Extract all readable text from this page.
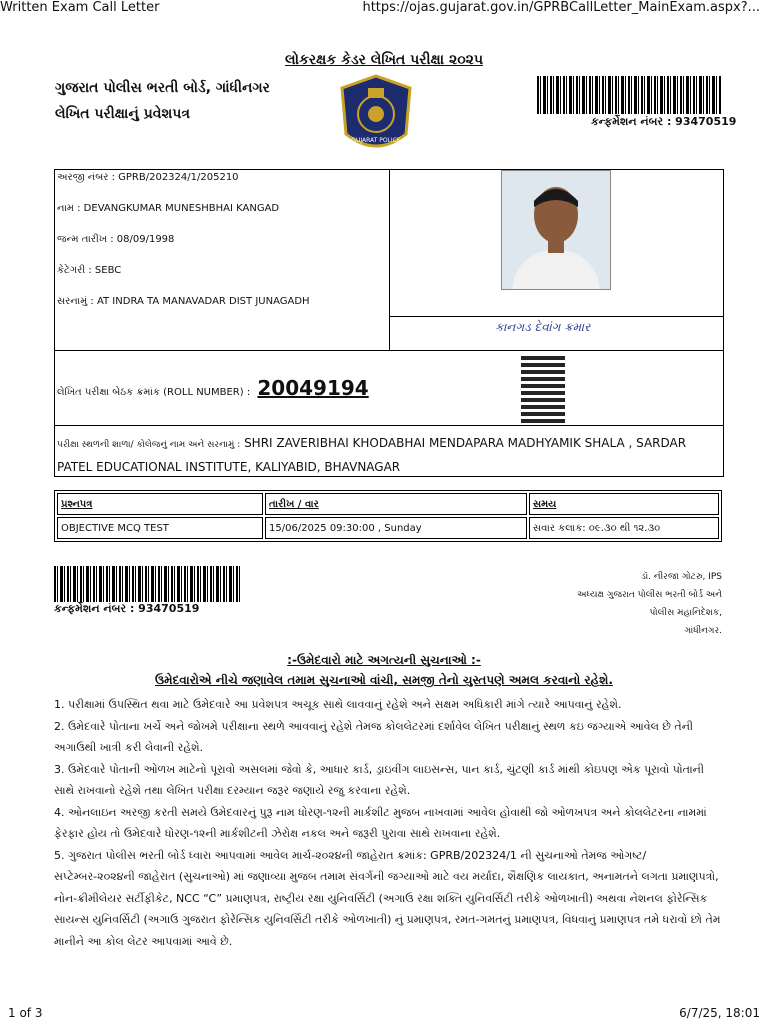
Written Exam Call Letter	https://ojas.gujarat.gov.in/GPRBCallLetter_MainExam.aspx?...
લોકરક્ષક કેડર લેખિત પરીક્ષા ૨૦૨૫
ગુજરાત પોલીસ ભરતી બોર્ડ, ગાંધીનગર
લેખિત પરીક્ષાનું પ્રવેશપત્ર
GUJARAT POLICE
કન્ફર્મેશન નંબર : 93470519
અરજી નંબર : GPRB/202324/1/205210
નામ : DEVANGKUMAR MUNESHBHAI KANGAD
જન્મ તારીખ : 08/09/1998
કેટેગરી : SEBC
સરનામું : AT INDRA TA MANAVADAR DIST JUNAGADH
કાનગડ દેવાંગ ક્રમાર
લેખિત પરીક્ષા બેઠક ક્રમાંક (ROLL NUMBER) : 20049194
પરીક્ષા સ્થળની શાળા/ કોલેજનું નામ અને સરનામું : SHRI ZAVERIBHAI KHODABHAI MENDAPARA MADHYAMIK SHALA , SARDAR PATEL EDUCATIONAL INSTITUTE, KALIYABID, BHAVNAGAR
પ્રશ્નપત્ર	તારીખ / વાર	સમય
OBJECTIVE MCQ TEST	15/06/2025 09:30:00 , Sunday	સવાર કલાક: ૦૯.૩૦ થી ૧૨.૩૦
કન્ફર્મેશન નંબર : 93470519
ડૉ. નીરજા ગોટરુ, IPS
અધ્યક્ષ ગુજરાત પોલીસ ભરતી બોર્ડ અને
પોલીસ મહાનિદેશક,
ગાંધીનગર.
:-ઉમેદવારો માટે અગત્યની સુચનાઓ :-
ઉમેદવારોએ નીચે જણાવેલ તમામ સુચનાઓ વાંચી, સમજી તેનો ચુસ્તપણે અમલ કરવાનો રહેશે.

1. પરીક્ષામાં ઉપસ્થિત થવા માટે ઉમેદવારે આ પ્રવેશપત્ર અચૂક સાથે લાવવાનું રહેશે અને સક્ષમ અધિકારી માંગે ત્યારે આપવાનું રહેશે.

2. ઉમેદવારે પોતાના ખર્ચે અને જોખમે પરીક્ષાના સ્થળે આવવાનું રહેશે તેમજ કોલલેટરમાં દર્શાવેલ લેખિત પરીક્ષાનું સ્થળ કઇ જગ્યાએ આવેલ છે તેની અગાઉથી ખાત્રી કરી લેવાની રહેશે.

3. ઉમેદવારે પોતાની ઓળખ માટેનો પૂરાવો અસલમાં જેવો કે, આધાર કાર્ડ, ડ્રાઇવીંગ લાઇસન્સ, પાન કાર્ડ, ચુંટણી કાર્ડ માંથી કોઇપણ એક પૂરાવો પોતાની સાથે રાખવાનો રહેશે તથા લેખિત પરીક્ષા દરમ્યાન જરૂર જણાયે રજુ કરવાના રહેશે.

4. ઓનલાઇન અરજી કરતી સમયે ઉમેદવારનું પુરૂ નામ ધોરણ-૧૨ની માર્કશીટ મુજબ નાખવામાં આવેલ હોવાથી જો ઓળખપત્ર અને કોલલેટરના નામમાં ફેરફાર હોય તો ઉમેદવારે ધોરણ-૧૨ની માર્કશીટની ઝેરોક્ષ નકલ અને જરૂરી પુરાવા સાથે રાખવાના રહેશે.

5. ગુજરાત પોલીસ ભરતી બોર્ડ ધ્વારા આપવામાં આવેલ માર્ચ-૨૦૨૪ની જાહેરાત ક્રમાંક: GPRB/202324/1 ની સુચનાઓ તેમજ ઓગષ્ટ/સપ્ટેમ્બર-૨૦૨૪ની જાહેરાત (સુચનાઓ) માં જણાવ્યા મુજબ તમામ સંવર્ગની જગ્યાઓ માટે વય મર્યાદા, શૈક્ષણિક લાયકાત, અનામતને લગતા પ્રમાણપત્રો, નોન-ક્રીમીલેયર સર્ટીફીકેટ, NCC “C” પ્રમાણપત્ર, રાષ્ટ્રીય રક્ષા યુનિવર્સિટી (અગાઉ રક્ષા શક્તિ યુનિવર્સિટી તરીકે ઓળખાતી) અથવા નેશનલ ફોરેન્સિક સાયન્સ યુનિવર્સિટી (અગાઉ ગુજરાત ફોરેન્સિક યુનિવર્સિટી તરીકે ઓળખાતી) નું પ્રમાણપત્ર, રમત-ગમતનું પ્રમાણપત્ર, વિધવાનું પ્રમાણપત્ર તમે ધરાવો છો તેમ માનીને આ કોલ લેટર આપવામાં આવે છે.

1 of 3	6/7/25, 18:01
